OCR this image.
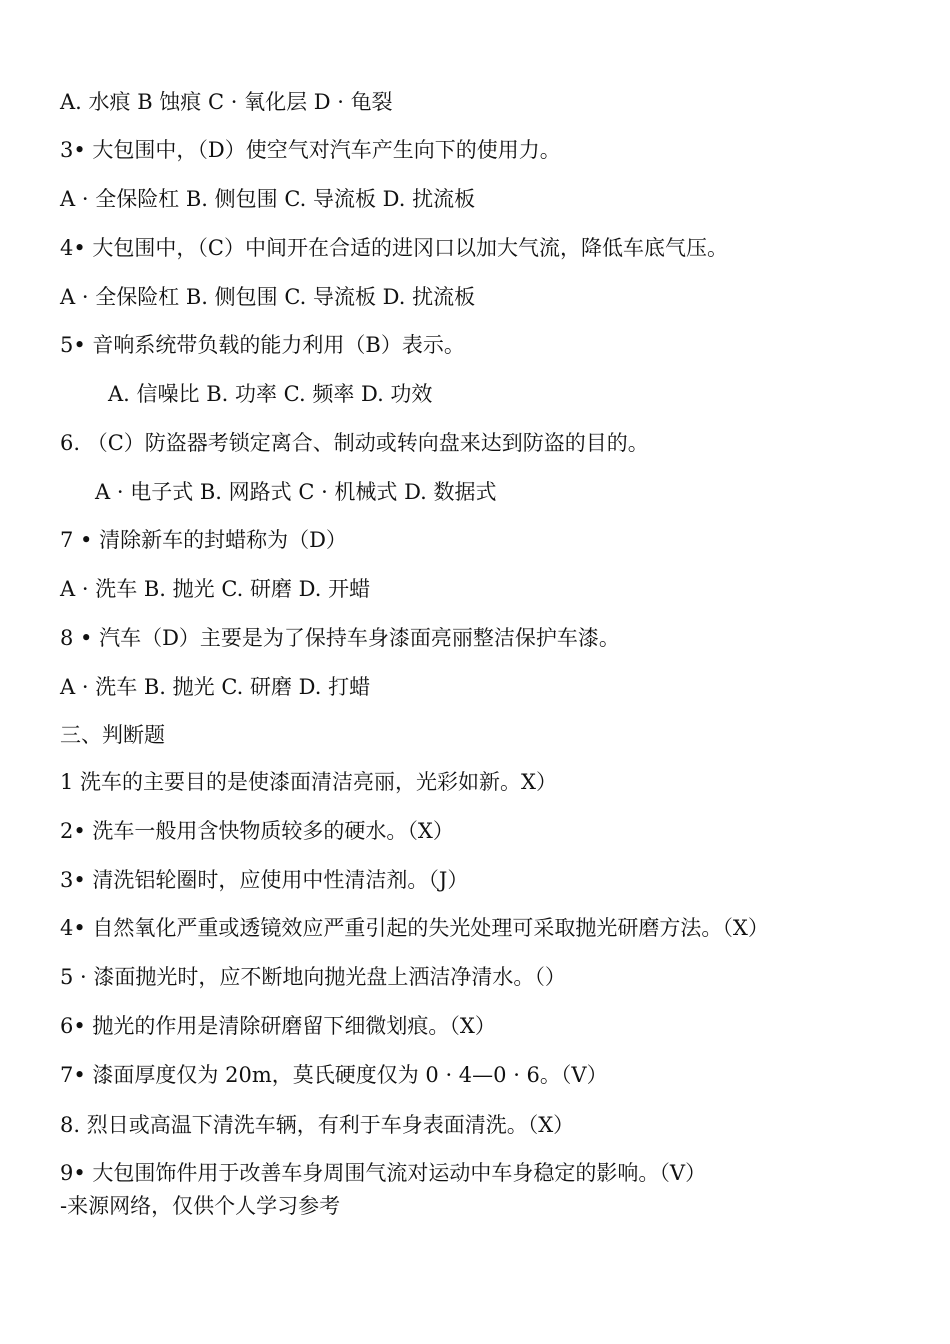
A. 水痕 B 蚀痕 C · 氧化层 D · 龟裂
3• 大包围中，（D）使空气对汽车产生向下的使用力。
A · 全保险杠 B. 侧包围 C. 导流板 D. 扰流板
4• 大包围中，（C）中间开在合适的进冈口以加大气流，降低车底气压。
A · 全保险杠 B. 侧包围 C. 导流板 D. 扰流板
5• 音响系统带负载的能力利用（B）表示。
A. 信噪比 B. 功率 C. 频率 D. 功效
6. （C）防盗器考锁定离合、制动或转向盘来达到防盗的目的。
A · 电子式 B. 网路式 C · 机械式 D. 数据式
7 • 清除新车的封蜡称为（D）
A · 洗车 B. 抛光 C. 研磨 D. 开蜡
8 • 汽车（D）主要是为了保持车身漆面亮丽整洁保护车漆。
A · 洗车 B. 抛光 C. 研磨 D. 打蜡
三、判断题
1 洗车的主要目的是使漆面清洁亮丽，光彩如新。X）
2• 洗车一般用含快物质较多的硬水。（X）
3• 清洗铝轮圈时，应使用中性清洁剂。（J）
4• 自然氧化严重或透镜效应严重引起的失光处理可采取抛光研磨方法。（X）
5 · 漆面抛光时，应不断地向抛光盘上洒洁净清水。（）
6• 抛光的作用是清除研磨留下细微划痕。（X）
7• 漆面厚度仅为 20m，莫氏硬度仅为 0 · 4—0 · 6。（V）
8. 烈日或高温下清洗车辆，有利于车身表面清洗。（X）
9• 大包围饰件用于改善车身周围气流对运动中车身稳定的影响。（V）
-来源网络，仅供个人学习参考
